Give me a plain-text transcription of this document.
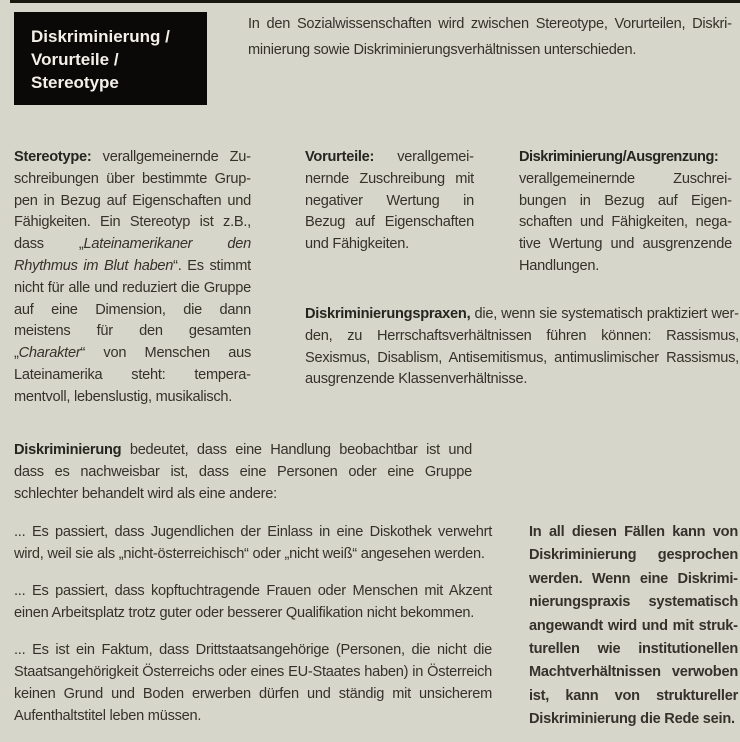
Diskriminierung /
Vorurteile /
Stereotype

In den Sozialwissenschaften wird zwischen Stereotype, Vorurteilen, Diskriminierung sowie Diskriminierungsverhältnissen unterschieden.

Stereotype: verallgemeinernde Zuschreibungen über bestimmte Gruppen in Bezug auf Eigenschaften und Fähigkeiten. Ein Stereotyp ist z.B., dass „Lateinamerikaner den Rhythmus im Blut haben“. Es stimmt nicht für alle und reduziert die Gruppe auf eine Dimension, die dann meistens für den gesamten „Charakter“ von Menschen aus Lateinamerika steht: temperamentvoll, lebenslustig, musikalisch.

Vorurteile: verallgemeinernde Zuschreibung mit negativer Wertung in Bezug auf Eigenschaften und Fähigkeiten.

Diskriminierung/Ausgrenzung: verallgemeinernde Zuschreibungen in Bezug auf Eigenschaften und Fähigkeiten, negative Wertung und ausgrenzende Handlungen.

Diskriminierungspraxen, die, wenn sie systematisch praktiziert werden, zu Herrschaftsverhältnissen führen können: Rassismus, Sexismus, Disablism, Antisemitismus, antimuslimischer Rassismus, ausgrenzende Klassenverhältnisse.

Diskriminierung bedeutet, dass eine Handlung beobachtbar ist und dass es nachweisbar ist, dass eine Personen oder eine Gruppe schlechter behandelt wird als eine andere:

... Es passiert, dass Jugendlichen der Einlass in eine Diskothek verwehrt wird, weil sie als „nicht-österreichisch“ oder „nicht weiß“ angesehen werden.

... Es passiert, dass kopftuchtragende Frauen oder Menschen mit Akzent einen Arbeitsplatz trotz guter oder besserer Qualifikation nicht bekommen.

... Es ist ein Faktum, dass Drittstaatsangehörige (Personen, die nicht die Staatsangehörigkeit Österreichs oder eines EU-Staates haben) in Österreich keinen Grund und Boden erwerben dürfen und ständig mit unsicherem Aufenthaltstitel leben müssen.

In all diesen Fällen kann von Diskriminierung gesprochen werden. Wenn eine Diskriminierungspraxis systematisch angewandt wird und mit strukturellen wie institutionellen Machtverhältnissen verwoben ist, kann von struktureller Diskriminierung die Rede sein.
